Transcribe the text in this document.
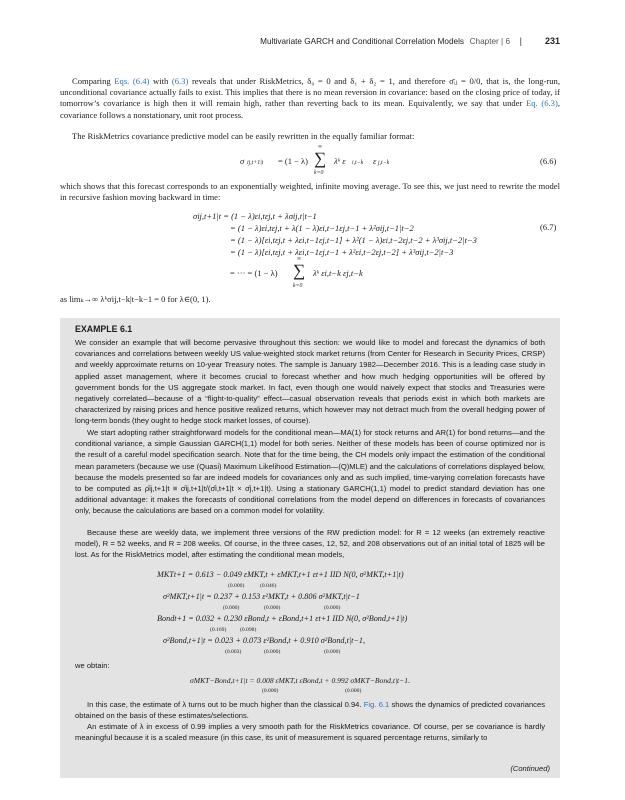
Multivariate GARCH and Conditional Correlation Models Chapter | 6 |	231
Comparing Eqs. (6.4) with (6.3) reveals that under RiskMetrics, δ₀ = 0 and δ₁ + δ₂ = 1, and therefore σ̄ᵢⱼ = 0/0, that is, the long-run, unconditional covariance actually fails to exist. This implies that there is no mean reversion in covariance: based on the closing price of today, if tomorrow’s covariance is high then it will remain high, rather than reverting back to its mean. Equivalently, we say that under Eq. (6.3), covariance follows a nonstationary, unit root process.
The RiskMetrics covariance predictive model can be easily rewritten in the equally familiar format:
σ ij,t+1|t = (1 − λ)
∞
∑
k=0
λᵏ ε i,t−k ε j,t−k	(6.6)
which shows that this forecast corresponds to an exponentially weighted, infinite moving average. To see this, we just need to rewrite the model in recursive fashion moving backward in time:
σij,t+1|t = (1 − λ)εi,tεj,t + λσij,t|t−1
= (1 − λ)εi,tεj,t + λ(1 − λ)εi,t−1εj,t−1 + λ²σij,t−1|t−2
= (1 − λ)[εi,tεj,t + λεi,t−1εj,t−1] + λ²(1 − λ)εi,t−2εj,t−2 + λ³σij,t−2|t−3
= (1 − λ)[εi,tεj,t + λεi,t−1εj,t−1 + λ²εi,t−2εj,t−2] + λ³σij,t−2|t−3
= ··· = (1 − λ)
∞
∑
k=0
λᵏ εi,t−k εj,t−k
(6.7)
as limₖ→∞ λᵏσij,t−k|t−k−1 = 0 for λ∈(0, 1).
EXAMPLE 6.1
We consider an example that will become pervasive throughout this section: we would like to model and forecast the dynamics of both covariances and correlations between weekly US value-weighted stock market returns (from Center for Research in Security Prices, CRSP) and weekly approximate returns on 10-year Treasury notes. The sample is January 1982—December 2016. This is a leading case study in applied asset management, where it becomes crucial to forecast whether and how much hedging opportunities will be offered by government bonds for the US aggregate stock market. In fact, even though one would naively expect that stocks and Treasuries were negatively correlated—because of a “flight-to-quality” effect—casual observation reveals that periods exist in which both markets are characterized by raising prices and hence positive realized returns, which however may not detract much from the overall hedging power of long-term bonds (they ought to hedge stock market losses, of course).
We start adopting rather straightforward models for the conditional mean—MA(1) for stock returns and AR(1) for bond returns—and the conditional variance, a simple Gaussian GARCH(1,1) model for both series. Neither of these models has been of course optimized nor is the result of a careful model specification search. Note that for the time being, the CH models only impact the estimation of the conditional mean parameters (because we use (Quasi) Maximum Likelihood Estimation—(Q)MLE) and the calculations of correlations displayed below, because the models presented so far are indeed models for covariances only and as such implied, time-varying correlation forecasts have to be computed as ρ̂ij,t+1|t ≡ σ̂ij,t+1|t/(σ̂i,t+1|t × σ̂j,t+1|t). Using a stationary GARCH(1,1) model to predict standard deviation has one additional advantage: it makes the forecasts of conditional correlations from the model depend on differences in forecasts of covariances only, because the calculations are based on a common model for volatility.
Because these are weekly data, we implement three versions of the RW prediction model: for R = 12 weeks (an extremely reactive model), R = 52 weeks, and R = 208 weeks. Of course, in the three cases, 12, 52, and 208 observations out of an initial total of 1825 will be lost. As for the RiskMetrics model, after estimating the conditional mean models,
MKTt+1 = 0.613 − 0.049 εMKT,t + εMKT,t+1 εt+1 IID N(0, σ²MKT,t+1|t)
(0.000)	(0.046)
σ²MKT,t+1|t = 0.237 + 0.153 ε²MKT,t + 0.806 σ²MKT,t|t−1
(0.000)	(0.000)	(0.000)
Bondt+1 = 0.032 + 0.230 εBond,t + εBond,t+1 εt+1 IID N(0, σ²Bond,t+1|t)
(0.169) (0.098)
σ²Bond,t+1|t = 0.023 + 0.073 ε²Bond,t + 0.910 σ²Bond,t|t−1,
(0.003)	(0.000)	(0.000)
we obtain:
σMKT−Bond,t+1|t = 0.008 εMKT,t εBond,t + 0.992 σMKT−Bond,t|t−1.
(0.000)	(0.000)
In this case, the estimate of λ turns out to be much higher than the classical 0.94. Fig. 6.1 shows the dynamics of predicted covariances obtained on the basis of these estimates/selections.
An estimate of λ in excess of 0.99 implies a very smooth path for the RiskMetrics covariance. Of course, per se covariance is hardly meaningful because it is a scaled measure (in this case, its unit of measurement is squared percentage returns, similarly to
(Continued)
